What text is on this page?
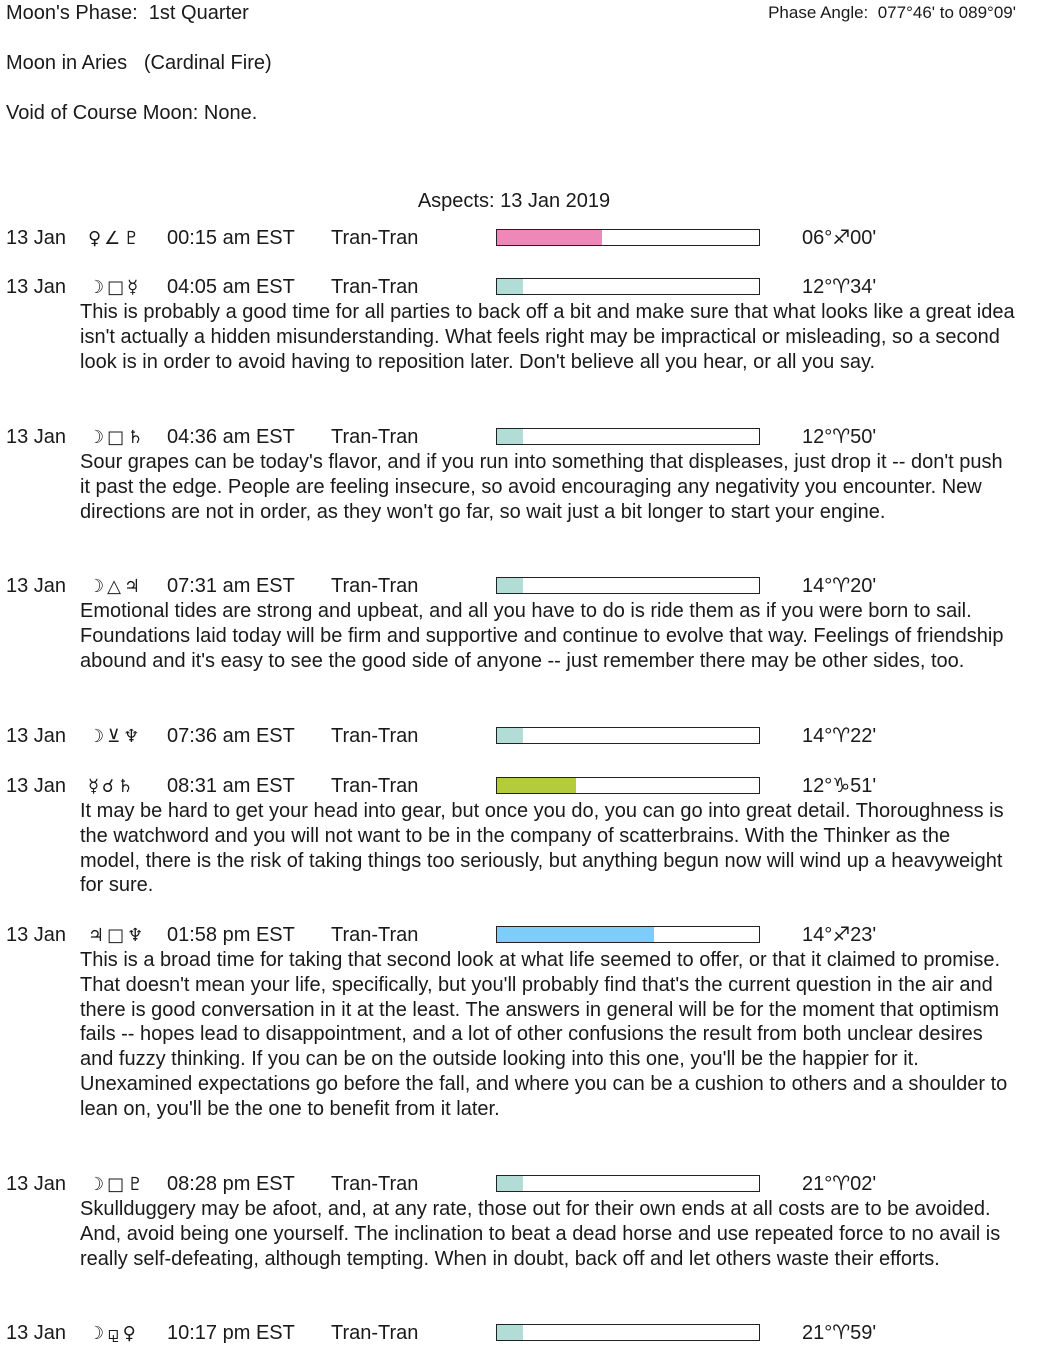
Moon's Phase:  1st Quarter	Phase Angle:  077°46' to 089°09'
Moon in Aries   (Cardinal Fire)
Void of Course Moon: None.
Aspects: 13 Jan 2019
13 Jan ♀∠♇ 00:15 am EST Tran-Tran	06°♐00'
13 Jan ☽□☿ 04:05 am EST Tran-Tran	12°♈34'
This is probably a good time for all parties to back off a bit and make sure that what looks like a great idea isn't actually a hidden misunderstanding. What feels right may be impractical or misleading, so a second look is in order to avoid having to reposition later. Don't believe all you hear, or all you say.
13 Jan ☽□♄ 04:36 am EST Tran-Tran	12°♈50'
Sour grapes can be today's flavor, and if you run into something that displeases, just drop it -- don't push it past the edge. People are feeling insecure, so avoid encouraging any negativity you encounter. New directions are not in order, as they won't go far, so wait just a bit longer to start your engine.
13 Jan ☽△♃ 07:31 am EST Tran-Tran	14°♈20'
Emotional tides are strong and upbeat, and all you have to do is ride them as if you were born to sail. Foundations laid today will be firm and supportive and continue to evolve that way. Feelings of friendship abound and it's easy to see the good side of anyone -- just remember there may be other sides, too.
13 Jan ☽⊻♆ 07:36 am EST Tran-Tran	14°♈22'
13 Jan ☿☌♄ 08:31 am EST Tran-Tran	12°♑51'
It may be hard to get your head into gear, but once you do, you can go into great detail. Thoroughness is the watchword and you will not want to be in the company of scatterbrains. With the Thinker as the model, there is the risk of taking things too seriously, but anything begun now will wind up a heavyweight for sure.
13 Jan ♃□♆ 01:58 pm EST Tran-Tran	14°♐23'
This is a broad time for taking that second look at what life seemed to offer, or that it claimed to promise. That doesn't mean your life, specifically, but you'll probably find that's the current question in the air and there is good conversation in it at the least. The answers in general will be for the moment that optimism fails -- hopes lead to disappointment, and a lot of other confusions the result from both unclear desires and fuzzy thinking. If you can be on the outside looking into this one, you'll be the happier for it. Unexamined expectations go before the fall, and where you can be a cushion to others and a shoulder to lean on, you'll be the one to benefit from it later.
13 Jan ☽□♇ 08:28 pm EST Tran-Tran	21°♈02'
Skullduggery may be afoot, and, at any rate, those out for their own ends at all costs are to be avoided. And, avoid being one yourself. The inclination to beat a dead horse and use repeated force to no avail is really self-defeating, although tempting. When in doubt, back off and let others waste their efforts.
13 Jan ☽⚼♀ 10:17 pm EST Tran-Tran	21°♈59'
